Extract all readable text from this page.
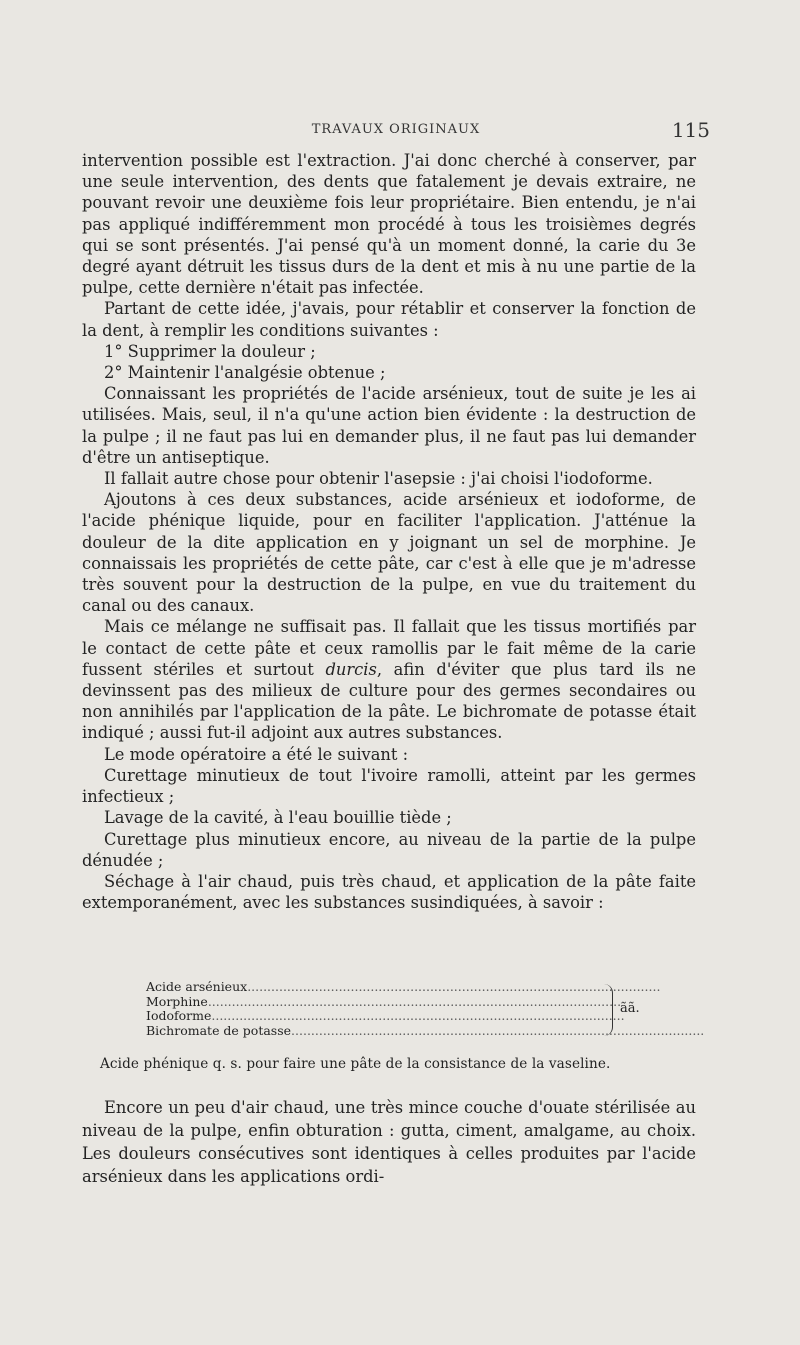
TRAVAUX ORIGINAUX	115

intervention possible est l'extraction. J'ai donc cherché à conserver, par une seule intervention, des dents que fatalement je devais extraire, ne pouvant revoir une deuxième fois leur propriétaire. Bien entendu, je n'ai pas appliqué indifféremment mon procédé à tous les troisièmes degrés qui se sont présentés. J'ai pensé qu'à un moment donné, la carie du 3e degré ayant détruit les tissus durs de la dent et mis à nu une partie de la pulpe, cette dernière n'était pas infectée.

Partant de cette idée, j'avais, pour rétablir et conserver la fonction de la dent, à remplir les conditions suivantes :

1° Supprimer la douleur ;

2° Maintenir l'analgésie obtenue ;

Connaissant les propriétés de l'acide arsénieux, tout de suite je les ai utilisées. Mais, seul, il n'a qu'une action bien évidente : la destruction de la pulpe ; il ne faut pas lui en demander plus, il ne faut pas lui demander d'être un antiseptique.

Il fallait autre chose pour obtenir l'asepsie : j'ai choisi l'iodoforme.

Ajoutons à ces deux substances, acide arsénieux et iodoforme, de l'acide phénique liquide, pour en faciliter l'application. J'atténue la douleur de la dite application en y joignant un sel de morphine. Je connaissais les propriétés de cette pâte, car c'est à elle que je m'adresse très souvent pour la destruction de la pulpe, en vue du traitement du canal ou des canaux.

Mais ce mélange ne suffisait pas. Il fallait que les tissus mortifiés par le contact de cette pâte et ceux ramollis par le fait même de la carie fussent stériles et surtout durcis, afin d'éviter que plus tard ils ne devinssent pas des milieux de culture pour des germes secondaires ou non annihilés par l'application de la pâte. Le bichromate de potasse était indiqué ; aussi fut-il adjoint aux autres substances.

Le mode opératoire a été le suivant :

Curettage minutieux de tout l'ivoire ramolli, atteint par les germes infectieux ;

Lavage de la cavité, à l'eau bouillie tiède ;

Curettage plus minutieux encore, au niveau de la partie de la pulpe dénudée ;

Séchage à l'air chaud, puis très chaud, et application de la pâte faite extemporanément, avec les substances susindiquées, à savoir :

Acide arsénieux ........................................................................................................
Morphine ........................................................................................................
Iodoforme ........................................................................................................
Bichromate de potasse ........................................................................................................
ãã.
Acide phénique q. s. pour faire une pâte de la consistance de la vaseline.

Encore un peu d'air chaud, une très mince couche d'ouate stérilisée au niveau de la pulpe, enfin obturation : gutta, ciment, amalgame, au choix. Les douleurs consécutives sont identiques à celles produites par l'acide arsénieux dans les applications ordi-
